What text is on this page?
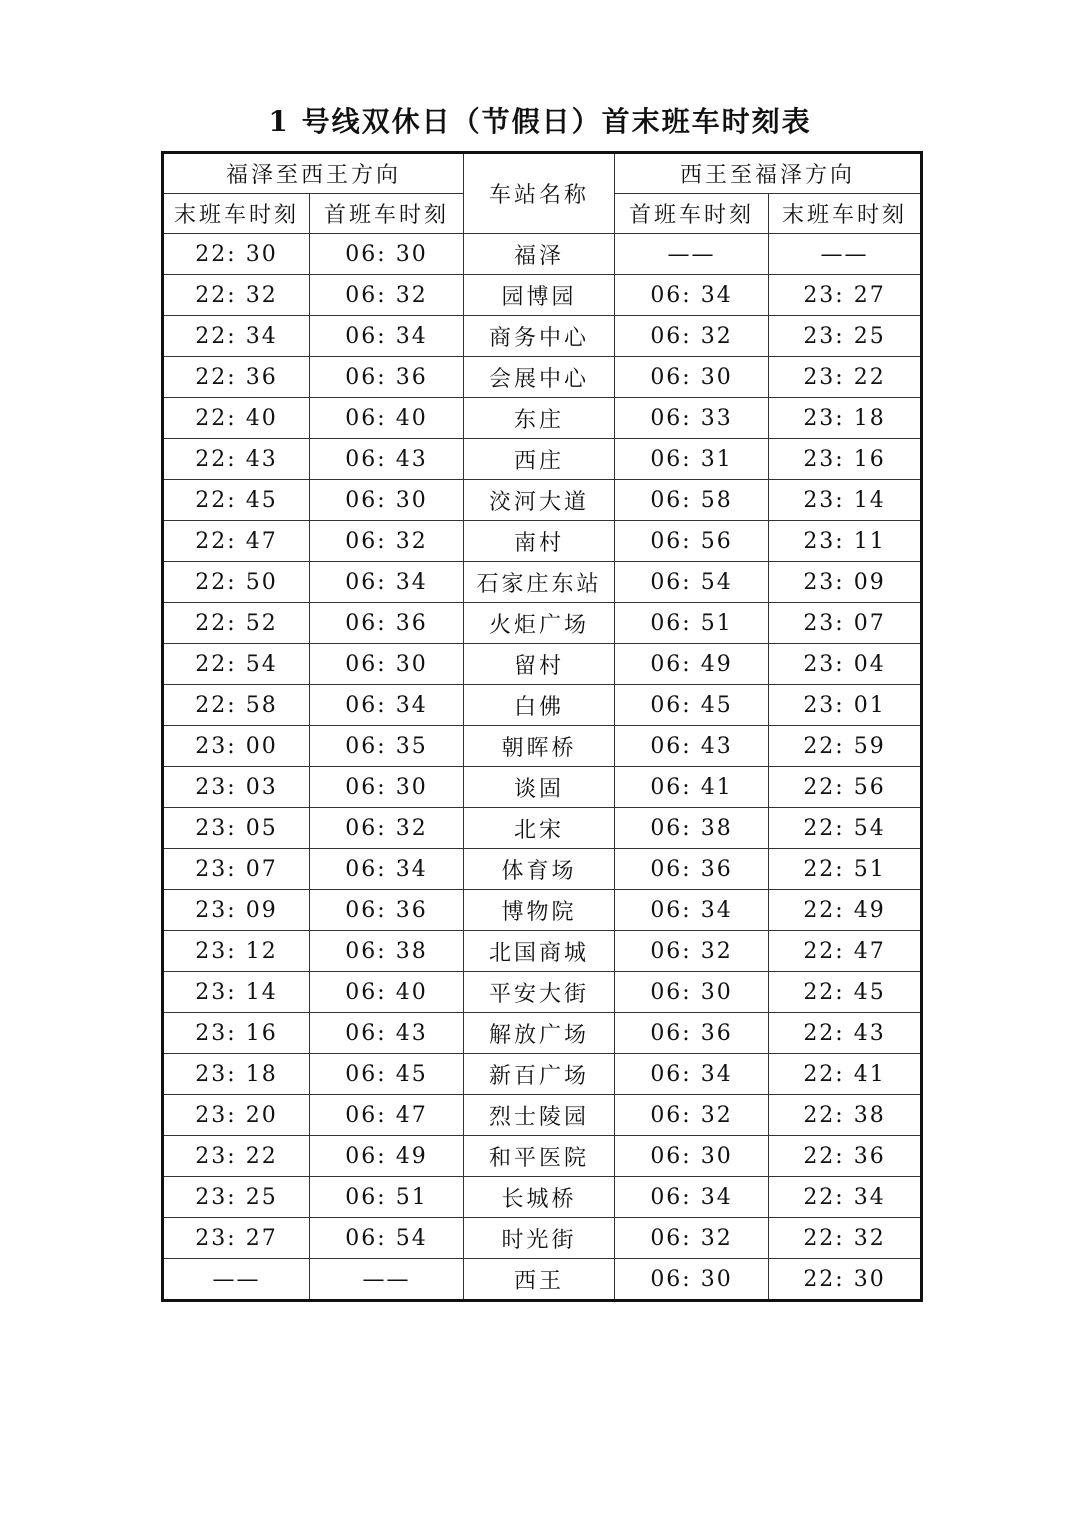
1 号线双休日（节假日）首末班车时刻表
福泽至西王方向		车站名称	西王至福泽方向	
末班车时刻	首班车时刻		首班车时刻	末班车时刻
22: 30	06: 30	福泽	——	——
22: 32	06: 32	园博园	06: 34	23: 27
22: 34	06: 34	商务中心	06: 32	23: 25
22: 36	06: 36	会展中心	06: 30	23: 22
22: 40	06: 40	东庄	06: 33	23: 18
22: 43	06: 43	西庄	06: 31	23: 16
22: 45	06: 30	洨河大道	06: 58	23: 14
22: 47	06: 32	南村	06: 56	23: 11
22: 50	06: 34	石家庄东站	06: 54	23: 09
22: 52	06: 36	火炬广场	06: 51	23: 07
22: 54	06: 30	留村	06: 49	23: 04
22: 58	06: 34	白佛	06: 45	23: 01
23: 00	06: 35	朝晖桥	06: 43	22: 59
23: 03	06: 30	谈固	06: 41	22: 56
23: 05	06: 32	北宋	06: 38	22: 54
23: 07	06: 34	体育场	06: 36	22: 51
23: 09	06: 36	博物院	06: 34	22: 49
23: 12	06: 38	北国商城	06: 32	22: 47
23: 14	06: 40	平安大街	06: 30	22: 45
23: 16	06: 43	解放广场	06: 36	22: 43
23: 18	06: 45	新百广场	06: 34	22: 41
23: 20	06: 47	烈士陵园	06: 32	22: 38
23: 22	06: 49	和平医院	06: 30	22: 36
23: 25	06: 51	长城桥	06: 34	22: 34
23: 27	06: 54	时光街	06: 32	22: 32
——	——	西王	06: 30	22: 30
